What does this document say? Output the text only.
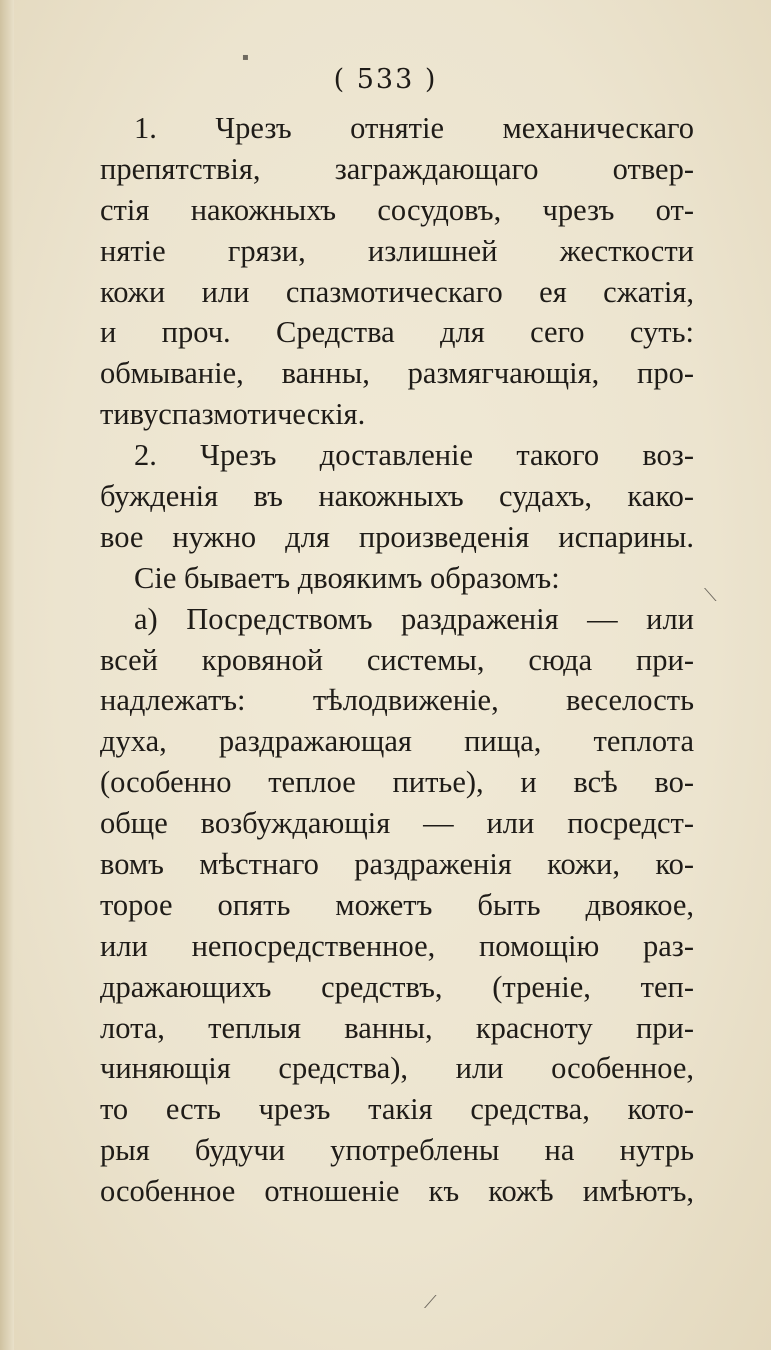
( 533 )
1. Чрезъ отнятіе механическаго
препятствія, заграждающаго отвер-
стія накожныхъ сосудовъ, чрезъ от-
нятіе грязи, излишней жесткости
кожи или спазмотическаго ея сжатія,
и проч. Средства для сего суть:
обмываніе, ванны, размягчающія, про-
тивуспазмотическія.
2. Чрезъ доставленіе такого воз-
бужденія въ накожныхъ судахъ, како-
вое нужно для произведенія испарины.
Сіе бываетъ двоякимъ образомъ:
a) Посредствомъ раздраженія — или
всей кровяной системы, сюда при-
надлежатъ: тѣлодвиженіе, веселость
духа, раздражающая пища, теплота
(особенно теплое питье), и всѣ во-
обще возбуждающія — или посредст-
вомъ мѣстнаго раздраженія кожи, ко-
торое опять можетъ быть двоякое,
или непосредственное, помощію раз-
дражающихъ средствъ, (треніе, теп-
лота, теплыя ванны, краснoту при-
чиняющія средства), или особенное,
то есть чрезъ такія средства, кото-
рыя будучи употреблены на нутрь
особенное отношеніе къ кожѣ имѣютъ,
▪
⟍
⟋
